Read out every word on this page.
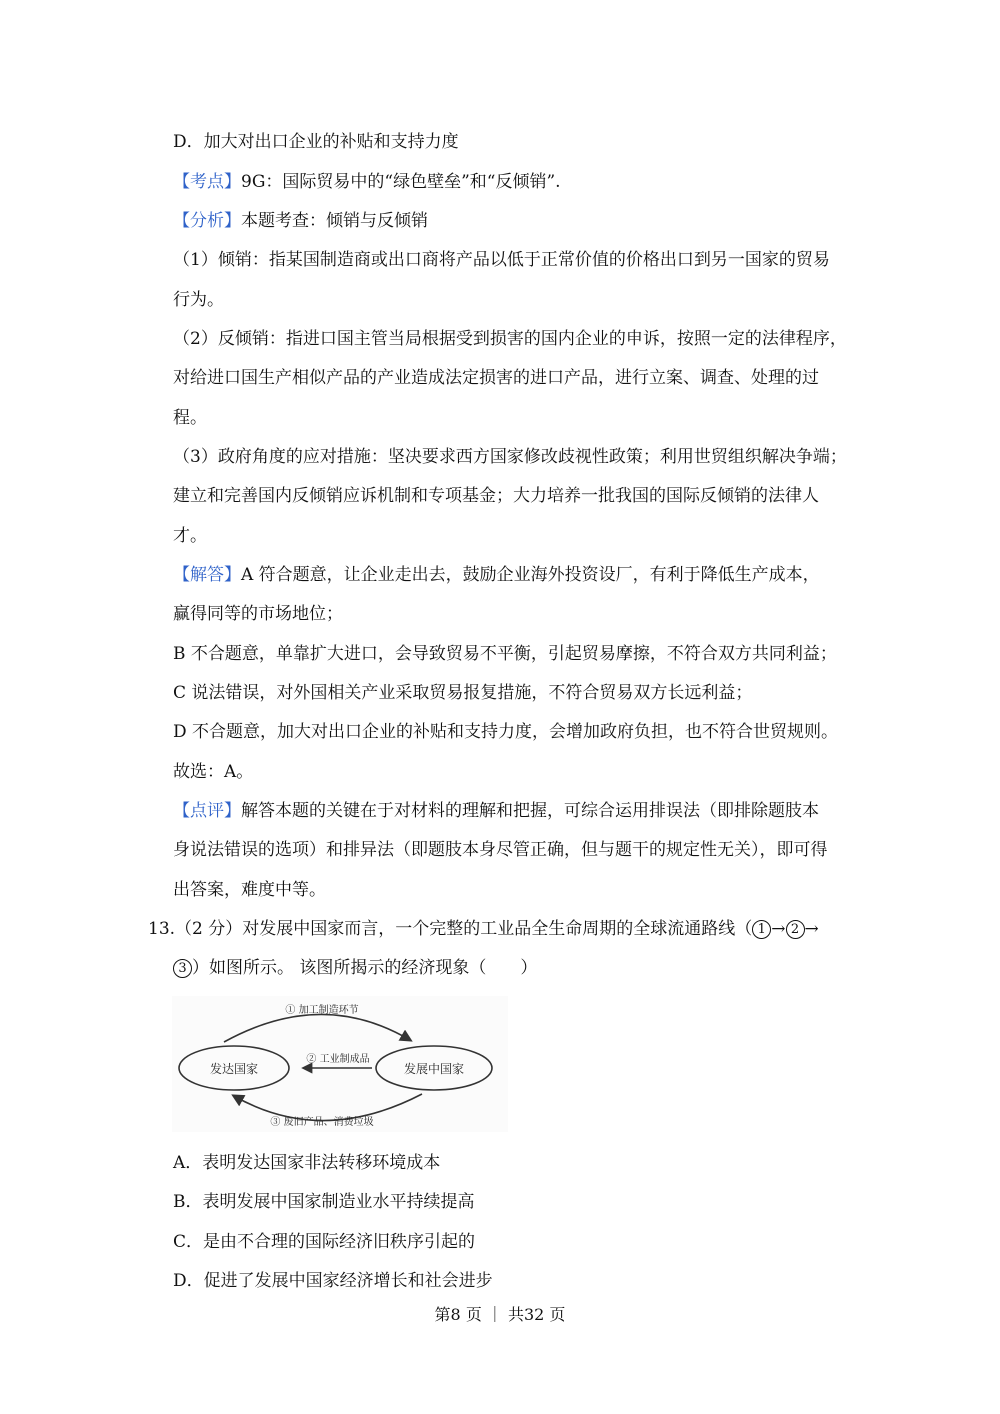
D．加大对出口企业的补贴和支持力度
【考点】9G：国际贸易中的“绿色壁垒”和“反倾销”.
【分析】本题考查：倾销与反倾销
（1）倾销：指某国制造商或出口商将产品以低于正常价值的价格出口到另一国家的贸易
行为。
（2）反倾销：指进口国主管当局根据受到损害的国内企业的申诉，按照一定的法律程序，
对给进口国生产相似产品的产业造成法定损害的进口产品，进行立案、调查、处理的过
程。
（3）政府角度的应对措施：坚决要求西方国家修改歧视性政策；利用世贸组织解决争端；
建立和完善国内反倾销应诉机制和专项基金；大力培养一批我国的国际反倾销的法律人
才。
【解答】A 符合题意，让企业走出去，鼓励企业海外投资设厂，有利于降低生产成本，
赢得同等的市场地位；
B 不合题意，单靠扩大进口，会导致贸易不平衡，引起贸易摩擦，不符合双方共同利益；
C 说法错误，对外国相关产业采取贸易报复措施，不符合贸易双方长远利益；
D 不合题意，加大对出口企业的补贴和支持力度，会增加政府负担，也不符合世贸规则。
故选：A。
【点评】解答本题的关键在于对材料的理解和把握，可综合运用排误法（即排除题肢本
身说法错误的选项）和排异法（即题肢本身尽管正确，但与题干的规定性无关），即可得
出答案，难度中等。
13.（2 分）对发展中国家而言，一个完整的工业品全生命周期的全球流通路线（ 1 → 2 →
3 ）如图所示。 该图所揭示的经济现象（　　）
发达国家	发展中国家
① 加工制造环节
② 工业制成品
③ 废旧产品、消费垃圾
A．表明发达国家非法转移环境成本
B．表明发展中国家制造业水平持续提高
C．是由不合理的国际经济旧秩序引起的
D．促进了发展中国家经济增长和社会进步
第8 页 ｜ 共32 页
